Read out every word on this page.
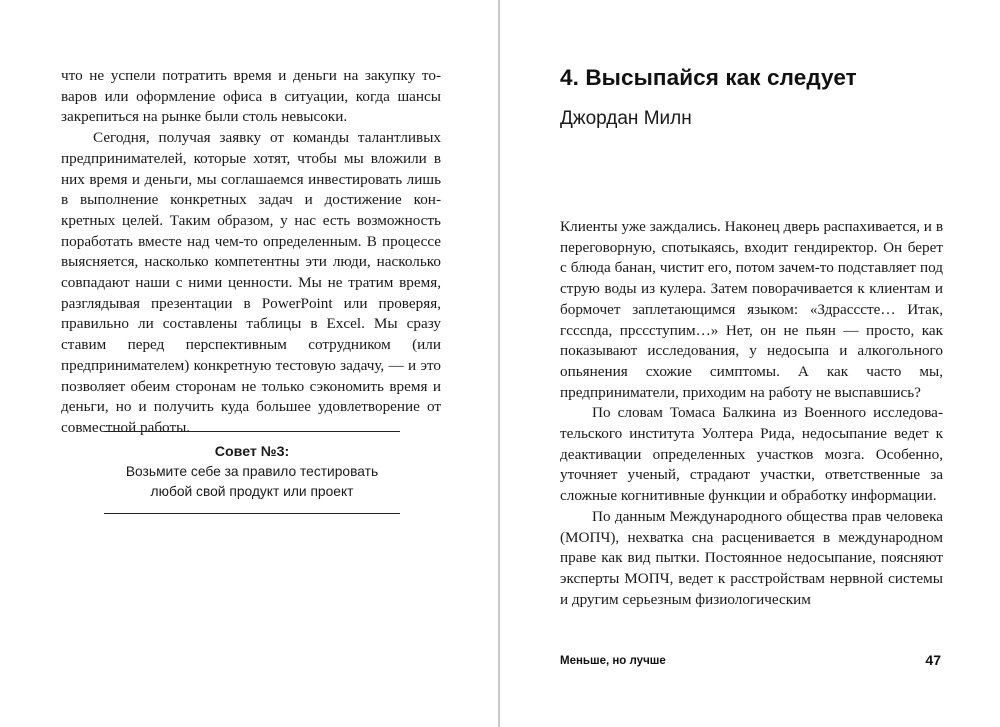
что не успели потратить время и деньги на закупку товаров или оформление офиса в ситуации, когда шансы закрепиться на рынке были столь невысоки.

Сегодня, получая заявку от команды талантливых предпринимателей, которые хотят, чтобы мы вложили в них время и деньги, мы соглашаемся инвестировать лишь в выполнение конкретных задач и достижение конкретных целей. Таким образом, у нас есть возможность поработать вместе над чем-то определенным. В процессе выясняется, насколько компетентны эти люди, насколько совпадают наши с ними ценности. Мы не тратим время, разглядывая презентации в PowerPoint или проверяя, правильно ли составлены таблицы в Excel. Мы сразу ставим перед перспективным сотрудником (или предпринимателем) конкретную тестовую задачу, — и это позволяет обеим сторонам не только сэкономить время и деньги, но и получить куда большее удовлетворение от совместной работы.

Совет №3:
Возьмите себе за правило тестировать
любой свой продукт или проект
4. Высыпайся как следует
Джордан Милн

Клиенты уже заждались. Наконец дверь распахивается, и в переговорную, спотыкаясь, входит гендиректор. Он берет с блюда банан, чистит его, потом зачем-то подставляет под струю воды из кулера. Затем поворачивается к клиентам и бормочет заплетающимся языком: «Здрассcте… Итак, гсссnда, прссступим…» Нет, он не пьян — просто, как показывают исследования, у недосыпа и алкогольного опьянения схожие симптомы. А как часто мы, предприниматели, приходим на работу не выспавшись?

По словам Томаса Балкина из Военного исследовательского института Уолтера Рида, недосыпание ведет к деактивации определенных участков мозга. Особенно, уточняет ученый, страдают участки, ответственные за сложные когнитивные функции и обработку информации.

По данным Международного общества прав человека (МОПЧ), нехватка сна расценивается в международном праве как вид пытки. Постоянное недосыпание, поясняют эксперты МОПЧ, ведет к расстройствам нервной системы и другим серьезным физиологическим

Меньше, но лучше	47
